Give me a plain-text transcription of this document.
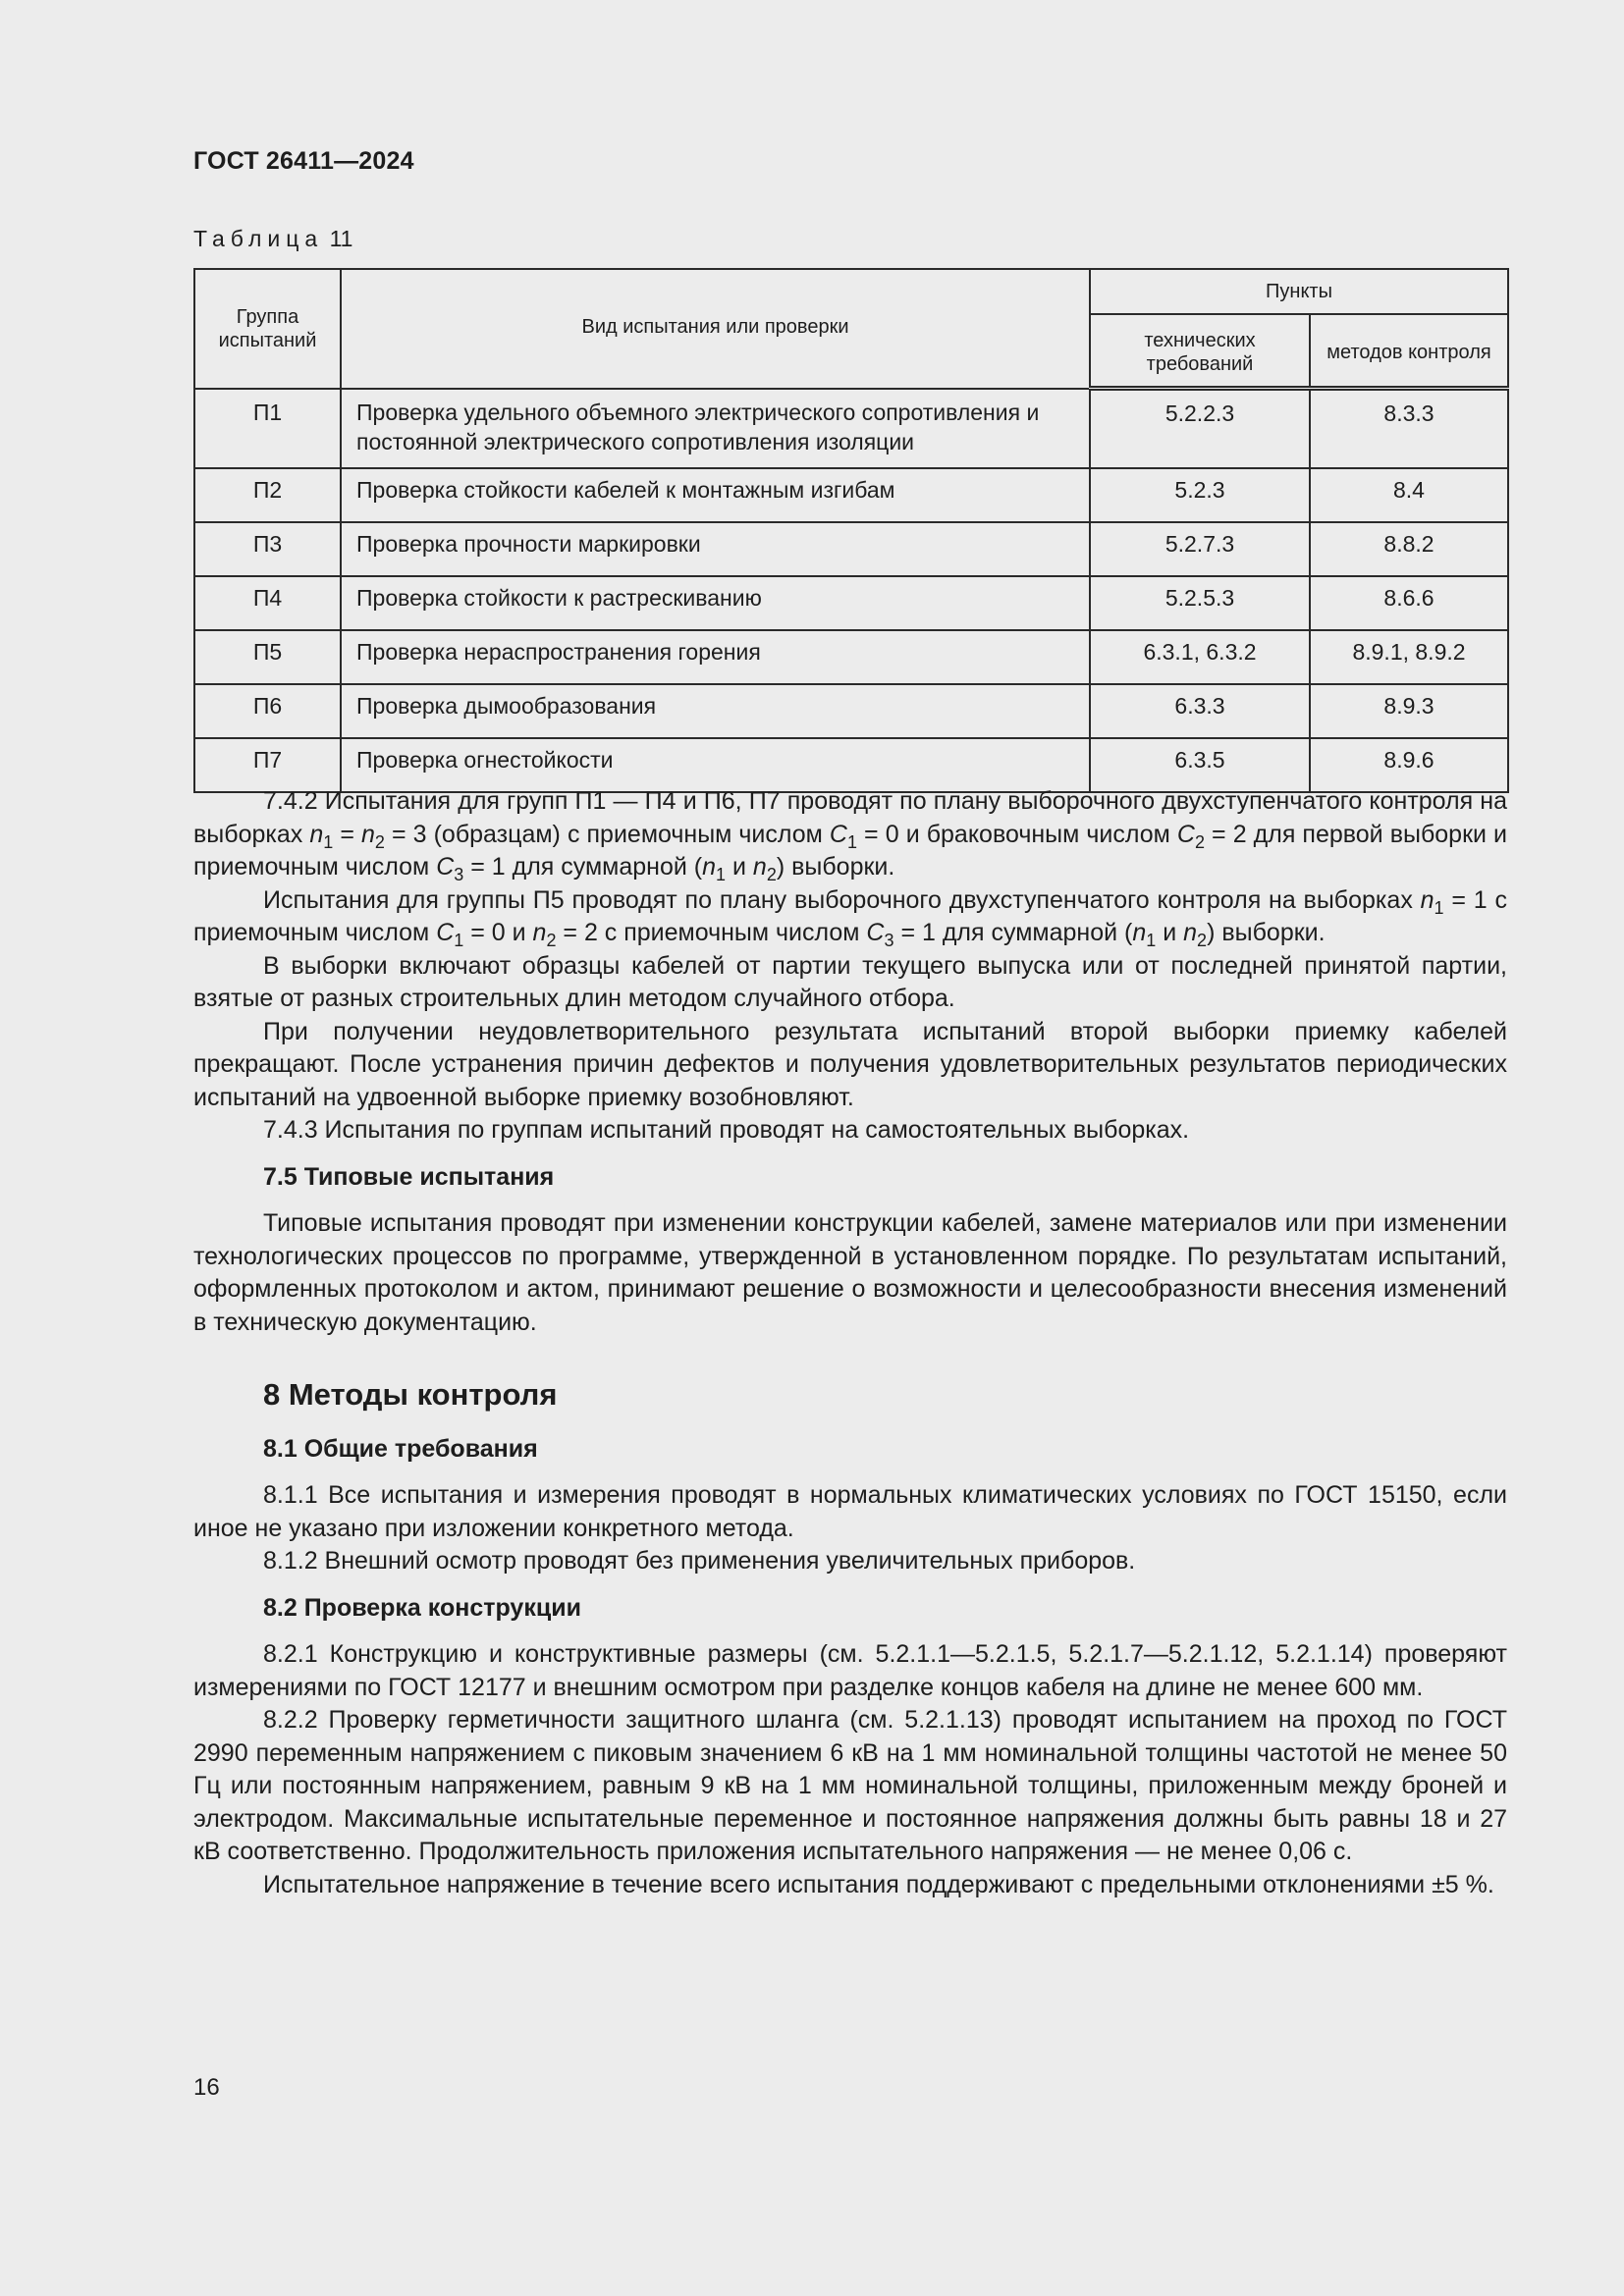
ГОСТ 26411—2024
Таблица 11
Группа испытаний	Вид испытания или проверки	Пункты	
		технических требований	методов контроля
П1	Проверка удельного объемного электрического сопротивления и постоянной электрического сопротивления изоляции	5.2.2.3	8.3.3
П2	Проверка стойкости кабелей к монтажным изгибам	5.2.3	8.4
П3	Проверка прочности маркировки	5.2.7.3	8.8.2
П4	Проверка стойкости к растрескиванию	5.2.5.3	8.6.6
П5	Проверка нераспространения горения	6.3.1, 6.3.2	8.9.1, 8.9.2
П6	Проверка дымообразования	6.3.3	8.9.3
П7	Проверка огнестойкости	6.3.5	8.9.6

7.4.2 Испытания для групп П1 — П4 и П6, П7 проводят по плану выборочного двухступенчатого контроля на выборках $n_1 = n_2 = 3$ (образцам) с приемочным числом $C_1 = 0$ и браковочным числом $C_2 = 2$ для первой выборки и приемочным числом $C_3 = 1$ для суммарной ($n_1$ и $n_2$) выборки.

Испытания для группы П5 проводят по плану выборочного двухступенчатого контроля на выборках $n_1 = 1$ с приемочным числом $C_1 = 0$ и $n_2 = 2$ с приемочным числом $C_3 = 1$ для суммарной ($n_1$ и $n_2$) выборки.

В выборки включают образцы кабелей от партии текущего выпуска или от последней принятой партии, взятые от разных строительных длин методом случайного отбора.

При получении неудовлетворительного результата испытаний второй выборки приемку кабелей прекращают. После устранения причин дефектов и получения удовлетворительных результатов периодических испытаний на удвоенной выборке приемку возобновляют.

7.4.3 Испытания по группам испытаний проводят на самостоятельных выборках.

7.5 Типовые испытания

Типовые испытания проводят при изменении конструкции кабелей, замене материалов или при изменении технологических процессов по программе, утвержденной в установленном порядке. По результатам испытаний, оформленных протоколом и актом, принимают решение о возможности и целесообразности внесения изменений в техническую документацию.

8 Методы контроля
8.1 Общие требования

8.1.1 Все испытания и измерения проводят в нормальных климатических условиях по ГОСТ 15150, если иное не указано при изложении конкретного метода.

8.1.2 Внешний осмотр проводят без применения увеличительных приборов.

8.2 Проверка конструкции

8.2.1 Конструкцию и конструктивные размеры (см. 5.2.1.1—5.2.1.5, 5.2.1.7—5.2.1.12, 5.2.1.14) проверяют измерениями по ГОСТ 12177 и внешним осмотром при разделке концов кабеля на длине не менее 600 мм.

8.2.2 Проверку герметичности защитного шланга (см. 5.2.1.13) проводят испытанием на проход по ГОСТ 2990 переменным напряжением с пиковым значением 6 кВ на 1 мм номинальной толщины частотой не менее 50 Гц или постоянным напряжением, равным 9 кВ на 1 мм номинальной толщины, приложенным между броней и электродом. Максимальные испытательные переменное и постоянное напряжения должны быть равны 18 и 27 кВ соответственно. Продолжительность приложения испытательного напряжения — не менее 0,06 с.

Испытательное напряжение в течение всего испытания поддерживают с предельными отклонениями ±5 %.

16
